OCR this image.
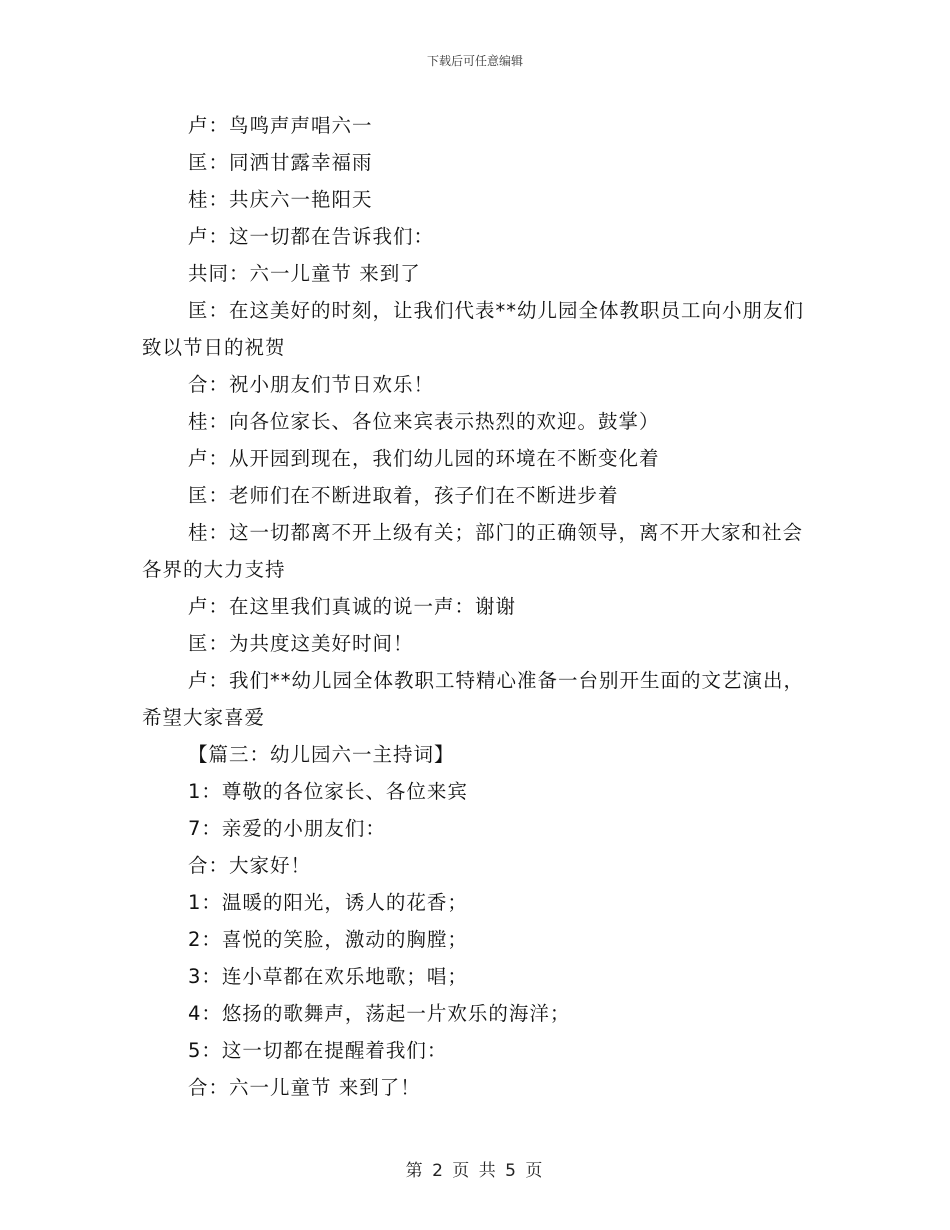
下载后可任意编辑

卢：鸟鸣声声唱六一

匡：同洒甘露幸福雨

桂：共庆六一艳阳天

卢：这一切都在告诉我们：

共同：六一儿童节 来到了

匡：在这美好的时刻，让我们代表**幼儿园全体教职员工向小朋友们致以节日的祝贺

合：祝小朋友们节日欢乐！

桂：向各位家长、各位来宾表示热烈的欢迎。鼓掌）

卢：从开园到现在，我们幼儿园的环境在不断变化着

匡：老师们在不断进取着，孩子们在不断进步着

桂：这一切都离不开上级有关；部门的正确领导，离不开大家和社会各界的大力支持

卢：在这里我们真诚的说一声：谢谢

匡：为共度这美好时间！

卢：我们**幼儿园全体教职工特精心准备一台别开生面的文艺演出，希望大家喜爱

【篇三：幼儿园六一主持词】

1：尊敬的各位家长、各位来宾

7：亲爱的小朋友们：

合：大家好！

1：温暖的阳光，诱人的花香；

2：喜悦的笑脸，激动的胸膛；

3：连小草都在欢乐地歌；唱；

4：悠扬的歌舞声，荡起一片欢乐的海洋；

5：这一切都在提醒着我们：

合：六一儿童节 来到了！

第 2 页 共 5 页
